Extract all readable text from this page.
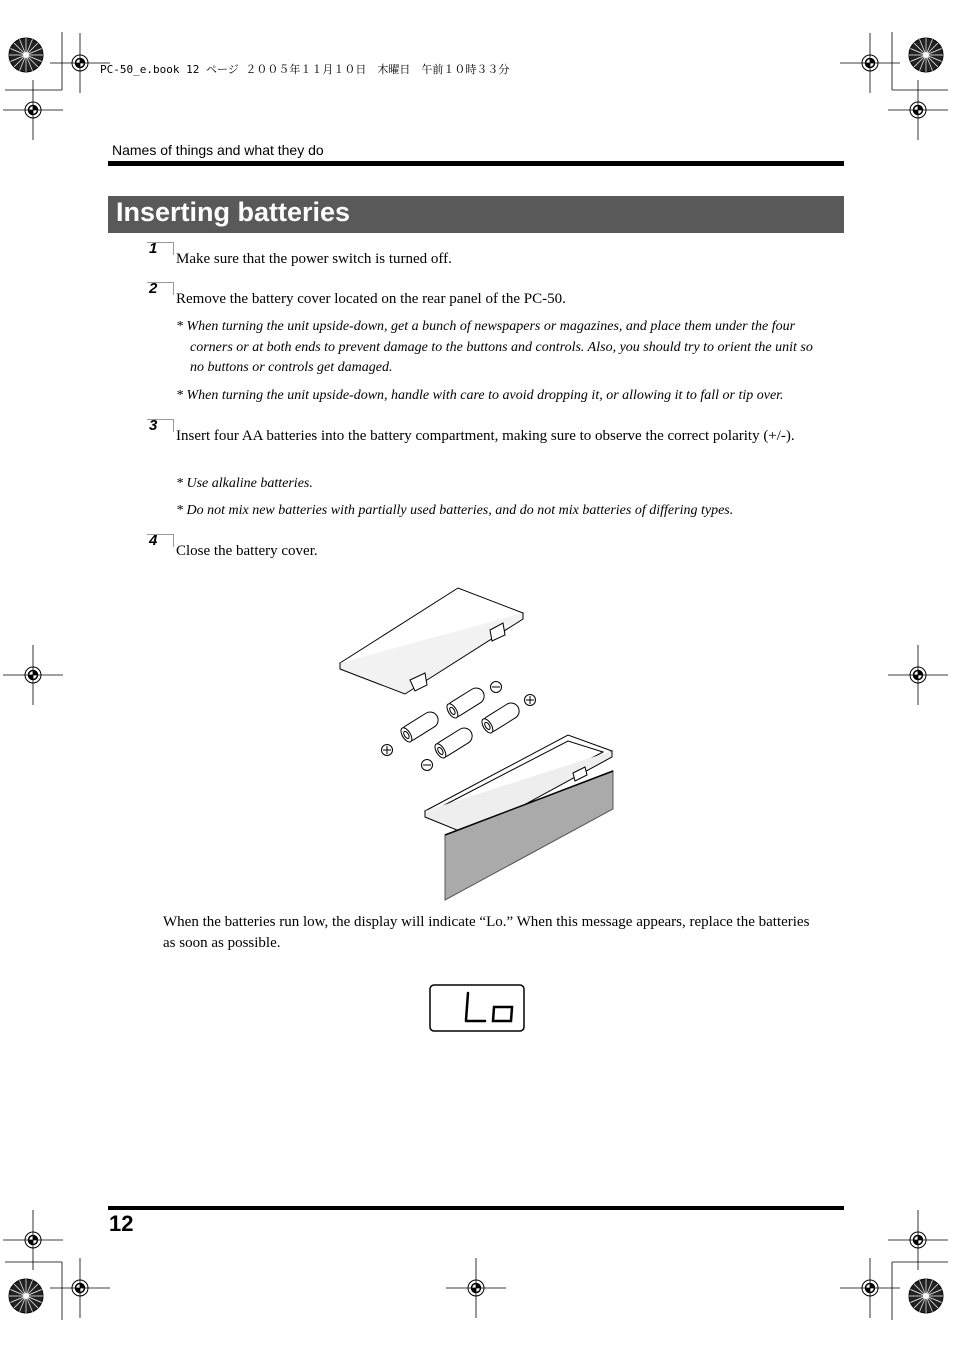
PC-50_e.book 12 ページ ２００５年１１月１０日　木曜日　午前１０時３３分
Names of things and what they do
Inserting batteries
1
Make sure that the power switch is turned off.
2
Remove the battery cover located on the rear panel of the PC-50.
* When turning the unit upside-down, get a bunch of newspapers or magazines, and place them under the four corners or at both ends to prevent damage to the buttons and controls. Also, you should try to orient the unit so no buttons or controls get damaged.
* When turning the unit upside-down, handle with care to avoid dropping it, or allowing it to fall or tip over.
3
Insert four AA batteries into the battery compartment, making sure to observe the correct polarity (+/-).
* Use alkaline batteries.
* Do not mix new batteries with partially used batteries, and do not mix batteries of differing types.
4
Close the battery cover.
When the batteries run low, the display will indicate “Lo.” When this message appears, replace the batteries as soon as possible.
12
